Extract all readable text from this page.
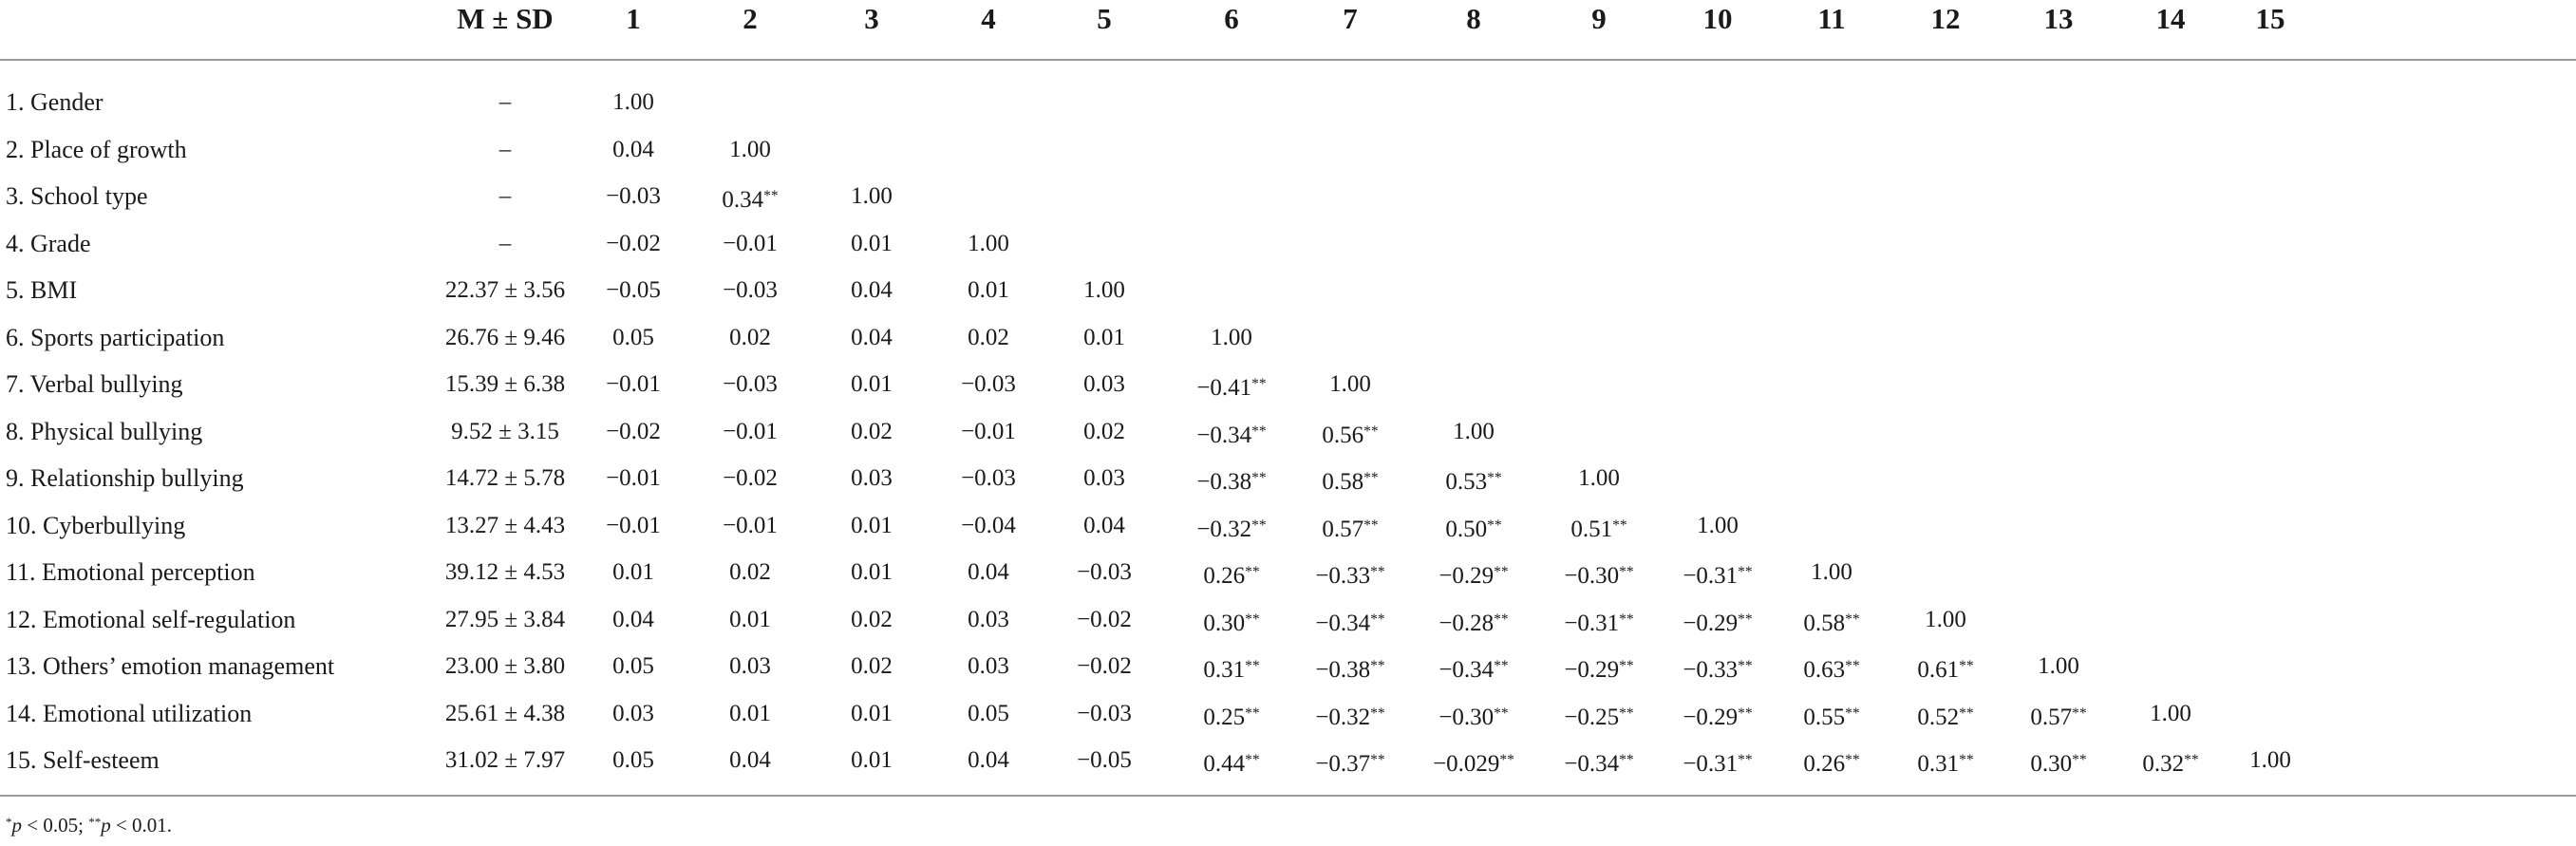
M ± SD	1	2	3	4	5	6	7	8	9	10	11	12	13	14	15
1. Gender	–	1.00
2. Place of growth	–	0.04	1.00
3. School type	–	−0.03	0.34**	1.00
4. Grade	–	−0.02	−0.01	0.01	1.00
5. BMI	22.37 ± 3.56	−0.05	−0.03	0.04	0.01	1.00
6. Sports participation	26.76 ± 9.46	0.05	0.02	0.04	0.02	0.01	1.00
7. Verbal bullying	15.39 ± 6.38	−0.01	−0.03	0.01	−0.03	0.03	−0.41**	1.00
8. Physical bullying	9.52 ± 3.15	−0.02	−0.01	0.02	−0.01	0.02	−0.34**	0.56**	1.00
9. Relationship bullying	14.72 ± 5.78	−0.01	−0.02	0.03	−0.03	0.03	−0.38**	0.58**	0.53**	1.00
10. Cyberbullying	13.27 ± 4.43	−0.01	−0.01	0.01	−0.04	0.04	−0.32**	0.57**	0.50**	0.51**	1.00
11. Emotional perception	39.12 ± 4.53	0.01	0.02	0.01	0.04	−0.03	0.26**	−0.33**	−0.29**	−0.30**	−0.31**	1.00
12. Emotional self-regulation	27.95 ± 3.84	0.04	0.01	0.02	0.03	−0.02	0.30**	−0.34**	−0.28**	−0.31**	−0.29**	0.58**	1.00
13. Others’ emotion management	23.00 ± 3.80	0.05	0.03	0.02	0.03	−0.02	0.31**	−0.38**	−0.34**	−0.29**	−0.33**	0.63**	0.61**	1.00
14. Emotional utilization	25.61 ± 4.38	0.03	0.01	0.01	0.05	−0.03	0.25**	−0.32**	−0.30**	−0.25**	−0.29**	0.55**	0.52**	0.57**	1.00
15. Self-esteem	31.02 ± 7.97	0.05	0.04	0.01	0.04	−0.05	0.44**	−0.37**	−0.029**	−0.34**	−0.31**	0.26**	0.31**	0.30**	0.32**	1.00
*p < 0.05; **p < 0.01.
